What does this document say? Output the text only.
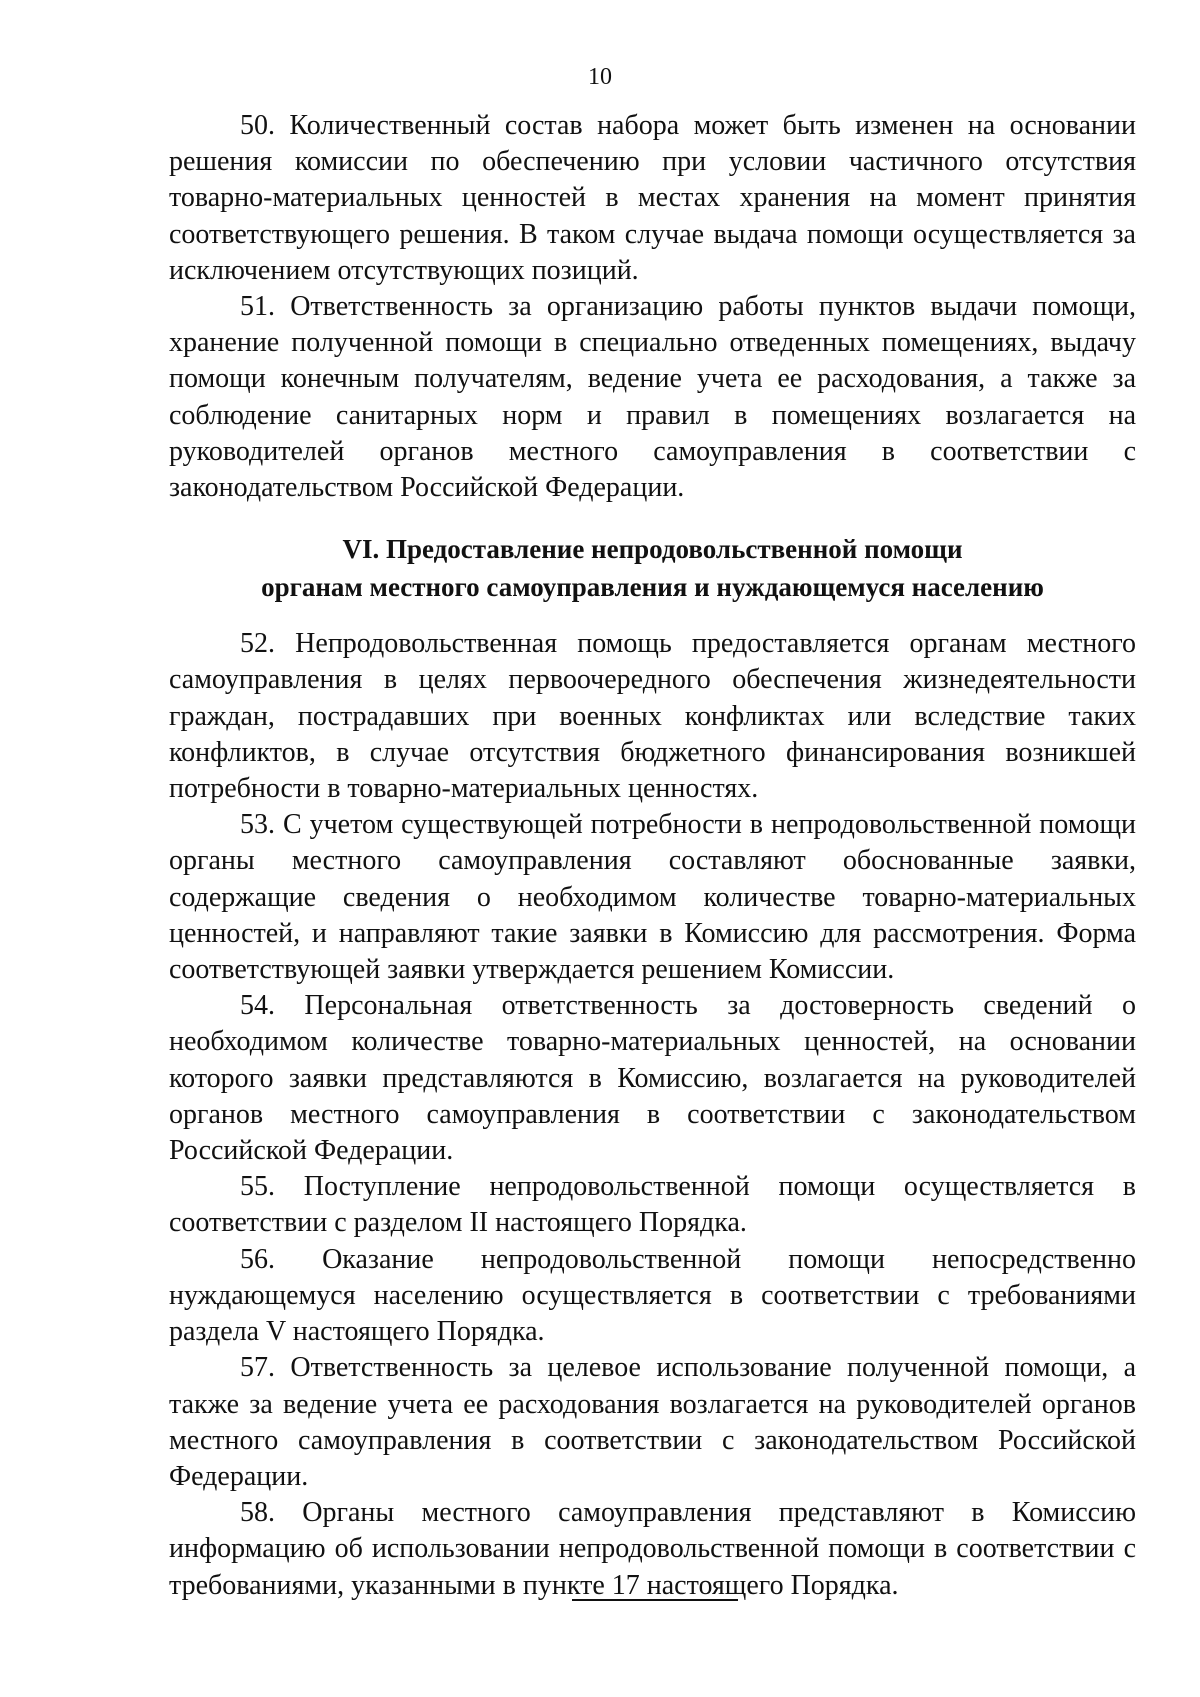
10

50. Количественный состав набора может быть изменен на основании решения комиссии по обеспечению при условии частичного отсутствия товарно-материальных ценностей в местах хранения на момент принятия соответствующего решения. В таком случае выдача помощи осуществляется за исключением отсутствующих позиций.

51. Ответственность за организацию работы пунктов выдачи помощи, хранение полученной помощи в специально отведенных помещениях, выдачу помощи конечным получателям, ведение учета ее расходования, а также за соблюдение санитарных норм и правил в помещениях возлагается на руководителей органов местного самоуправления в соответствии с законодательством Российской Федерации.

VI. Предоставление непродовольственной помощи
органам местного самоуправления и нуждающемуся населению

52. Непродовольственная помощь предоставляется органам местного самоуправления в целях первоочередного обеспечения жизнедеятельности граждан, пострадавших при военных конфликтах или вследствие таких конфликтов, в случае отсутствия бюджетного финансирования возникшей потребности в товарно-материальных ценностях.

53. С учетом существующей потребности в непродовольственной помощи органы местного самоуправления составляют обоснованные заявки, содержащие сведения о необходимом количестве товарно-материальных ценностей, и направляют такие заявки в Комиссию для рассмотрения. Форма соответствующей заявки утверждается решением Комиссии.

54. Персональная ответственность за достоверность сведений о необходимом количестве товарно-материальных ценностей, на основании которого заявки представляются в Комиссию, возлагается на руководителей органов местного самоуправления в соответствии с законодательством Российской Федерации.

55. Поступление непродовольственной помощи осуществляется в соответствии с разделом II настоящего Порядка.

56. Оказание непродовольственной помощи непосредственно нуждающемуся населению осуществляется в соответствии с требованиями раздела V настоящего Порядка.

57. Ответственность за целевое использование полученной помощи, а также за ведение учета ее расходования возлагается на руководителей органов местного самоуправления в соответствии с законодательством Российской Федерации.

58. Органы местного самоуправления представляют в Комиссию информацию об использовании непродовольственной помощи в соответствии с требованиями, указанными в пункте 17 настоящего Порядка.
